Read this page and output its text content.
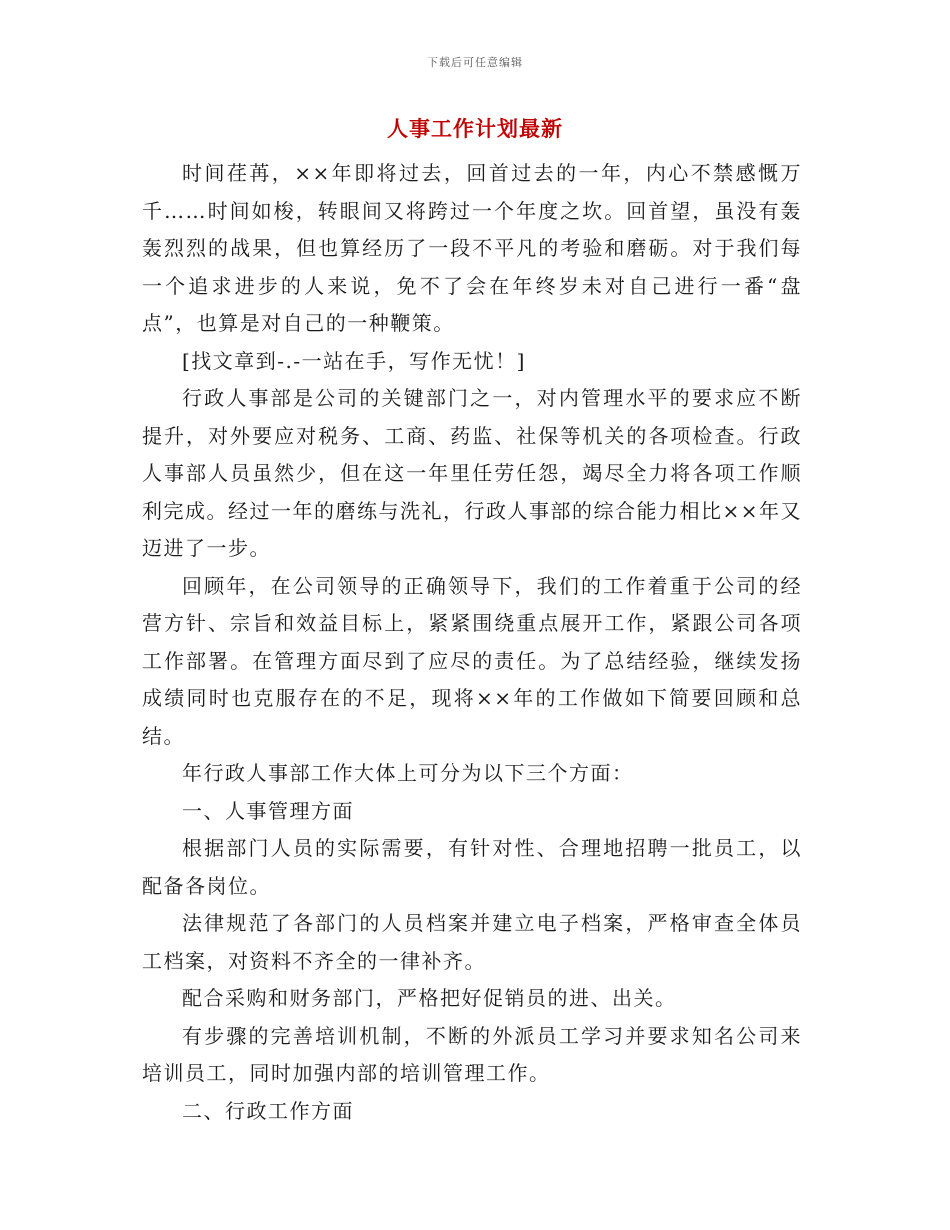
下载后可任意编辑
人事工作计划最新

时间荏苒，××年即将过去，回首过去的一年，内心不禁感慨万千……时间如梭，转眼间又将跨过一个年度之坎。回首望，虽没有轰轰烈烈的战果，但也算经历了一段不平凡的考验和磨砺。对于我们每一个追求进步的人来说，免不了会在年终岁未对自己进行一番“盘点”，也算是对自己的一种鞭策。

[找文章到-.-一站在手，写作无忧！]

行政人事部是公司的关键部门之一，对内管理水平的要求应不断提升，对外要应对税务、工商、药监、社保等机关的各项检查。行政人事部人员虽然少，但在这一年里任劳任怨，竭尽全力将各项工作顺利完成。经过一年的磨练与洗礼，行政人事部的综合能力相比××年又迈进了一步。

回顾年，在公司领导的正确领导下，我们的工作着重于公司的经营方针、宗旨和效益目标上，紧紧围绕重点展开工作，紧跟公司各项工作部署。在管理方面尽到了应尽的责任。为了总结经验，继续发扬成绩同时也克服存在的不足，现将××年的工作做如下简要回顾和总结。

年行政人事部工作大体上可分为以下三个方面：

一、人事管理方面

根据部门人员的实际需要，有针对性、合理地招聘一批员工，以配备各岗位。

法律规范了各部门的人员档案并建立电子档案，严格审查全体员工档案，对资料不齐全的一律补齐。

配合采购和财务部门，严格把好促销员的进、出关。

有步骤的完善培训机制，不断的外派员工学习并要求知名公司来培训员工，同时加强内部的培训管理工作。

二、行政工作方面
